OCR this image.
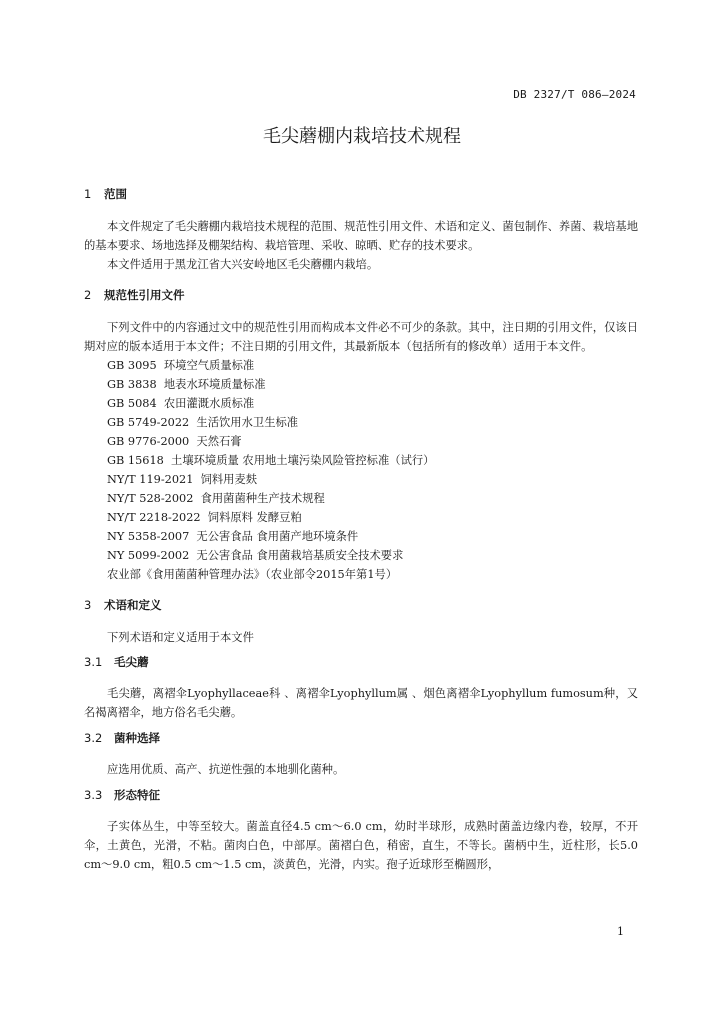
DB 2327/T 086—2024
毛尖蘑棚内栽培技术规程
1 范围

本文件规定了毛尖蘑棚内栽培技术规程的范围、规范性引用文件、术语和定义、菌包制作、养菌、栽培基地的基本要求、场地选择及棚架结构、栽培管理、采收、晾晒、贮存的技术要求。

本文件适用于黑龙江省大兴安岭地区毛尖蘑棚内栽培。

2 规范性引用文件

下列文件中的内容通过文中的规范性引用而构成本文件必不可少的条款。其中，注日期的引用文件，仅该日期对应的版本适用于本文件；不注日期的引用文件，其最新版本（包括所有的修改单）适用于本文件。

GB 3095  环境空气质量标准

GB 3838  地表水环境质量标准

GB 5084  农田灌溉水质标准

GB 5749-2022  生活饮用水卫生标准

GB 9776-2000  天然石膏

GB 15618  土壤环境质量 农用地土壤污染风险管控标准（试行）

NY/T 119-2021  饲料用麦麸

NY/T 528-2002  食用菌菌种生产技术规程

NY/T 2218-2022  饲料原料 发酵豆粕

NY 5358-2007  无公害食品 食用菌产地环境条件

NY 5099-2002  无公害食品 食用菌栽培基质安全技术要求

农业部《食用菌菌种管理办法》（农业部令2015年第1号）

3 术语和定义

下列术语和定义适用于本文件

3.1 毛尖蘑

毛尖蘑，离褶伞Lyophyllaceae科 、离褶伞Lyophyllum属 、烟色离褶伞Lyophyllum fumosum种，又名褐离褶伞，地方俗名毛尖蘑。

3.2 菌种选择

应选用优质、高产、抗逆性强的本地驯化菌种。

3.3 形态特征

子实体丛生，中等至较大。菌盖直径4.5 cm～6.0 cm，幼时半球形，成熟时菌盖边缘内卷，较厚，不开伞，土黄色，光滑，不粘。菌肉白色，中部厚。菌褶白色，稍密，直生，不等长。菌柄中生，近柱形，长5.0 cm～9.0 cm，粗0.5 cm～1.5 cm，淡黄色，光滑，内实。孢子近球形至椭圆形，

1
